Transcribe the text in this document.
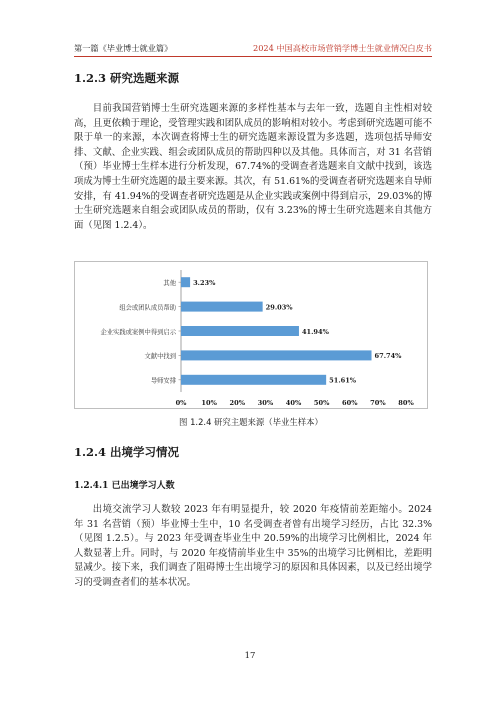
第一篇《毕业博士就业篇》	2024 中国高校市场营销学博士生就业情况白皮书
1.2.3 研究选题来源

目前我国营销博士生研究选题来源的多样性基本与去年一致，选题自主性相对较高，且更依赖于理论，受管理实践和团队成员的影响相对较小。考虑到研究选题可能不限于单一的来源，本次调查将博士生的研究选题来源设置为多选题，选项包括导师安排、文献、企业实践、组会或团队成员的帮助四种以及其他。具体而言，对 31 名营销（预）毕业博士生样本进行分析发现，67.74%的受调查者选题来自文献中找到，该选项成为博士生研究选题的最主要来源。其次，有 51.61%的受调查者研究选题来自导师安排，有 41.94%的受调查者研究选题是从企业实践或案例中得到启示，29.03%的博士生研究选题来自组会或团队成员的帮助，仅有 3.23%的博士生研究选题来自其他方面（见图 1.2.4）。

其他	3.23%
组会或团队成员帮助	29.03%
企业实践或案例中得到启示	41.94%
文献中找到	67.74%
导师安排	51.61%
0% 10% 20% 30% 40% 50% 60% 70% 80%
图 1.2.4 研究主题来源（毕业生样本）
1.2.4 出境学习情况
1.2.4.1 已出境学习人数

出境交流学习人数较 2023 年有明显提升，较 2020 年疫情前差距缩小。2024 年 31 名营销（预）毕业博士生中，10 名受调查者曾有出境学习经历，占比 32.3%（见图 1.2.5）。与 2023 年受调查毕业生中 20.59%的出境学习比例相比，2024 年人数显著上升。同时，与 2020 年疫情前毕业生中 35%的出境学习比例相比，差距明显减少。接下来，我们调查了阻碍博士生出境学习的原因和具体因素，以及已经出境学习的受调查者们的基本状况。

17
